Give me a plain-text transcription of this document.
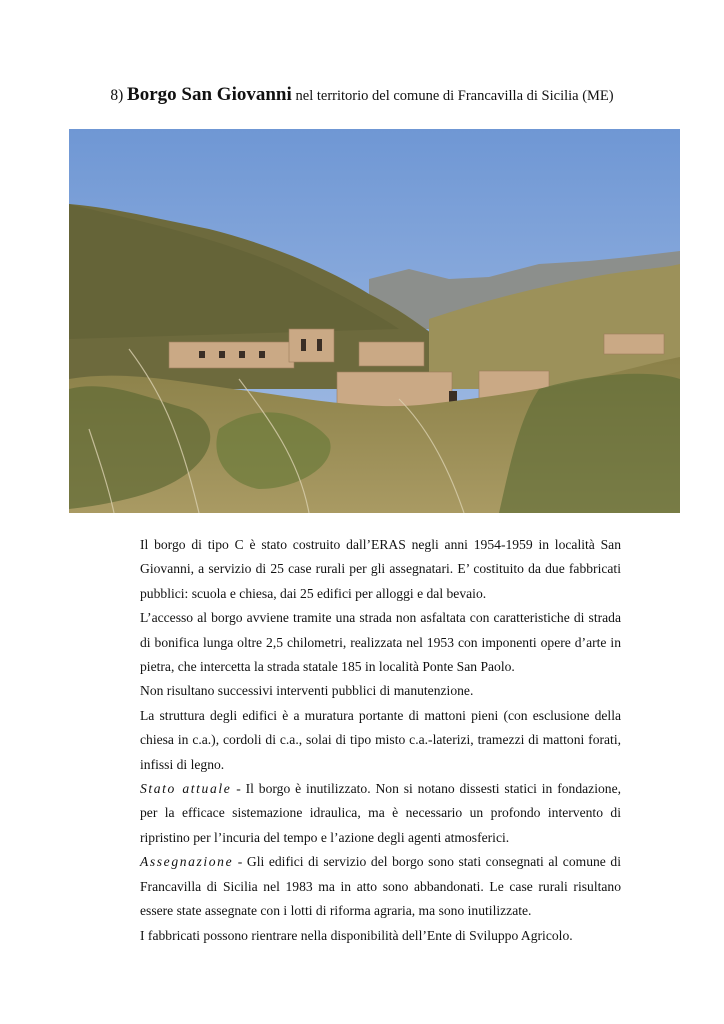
8) Borgo San Giovanni nel territorio del comune di Francavilla di Sicilia (ME)

Il borgo di tipo C è stato costruito dall’ERAS negli anni 1954-1959 in località San Giovanni, a servizio di 25 case rurali per gli assegnatari. E’ costituito da due fabbricati pubblici: scuola e chiesa, dai 25 edifici per alloggi e dal bevaio.

L’accesso al borgo avviene tramite una strada non asfaltata con caratteristiche di strada di bonifica lunga oltre 2,5 chilometri, realizzata nel 1953 con imponenti opere d’arte in pietra, che intercetta la strada statale 185 in località Ponte San Paolo.

Non risultano successivi interventi pubblici di manutenzione.

La struttura degli edifici è a muratura portante di mattoni pieni (con esclusione della chiesa in c.a.), cordoli di c.a., solai di tipo misto c.a.-laterizi, tramezzi di mattoni forati, infissi di legno.

Stato attuale - Il borgo è inutilizzato. Non si notano dissesti statici in fondazione, per la efficace sistemazione idraulica, ma è necessario un profondo intervento di ripristino per l’incuria del tempo e l’azione degli agenti atmosferici.

Assegnazione - Gli edifici di servizio del borgo sono stati consegnati al comune di Francavilla di Sicilia nel 1983 ma in atto sono abbandonati. Le case rurali risultano essere state assegnate con i lotti di riforma agraria, ma sono inutilizzate.

I fabbricati possono rientrare nella disponibilità dell’Ente di Sviluppo Agricolo.
